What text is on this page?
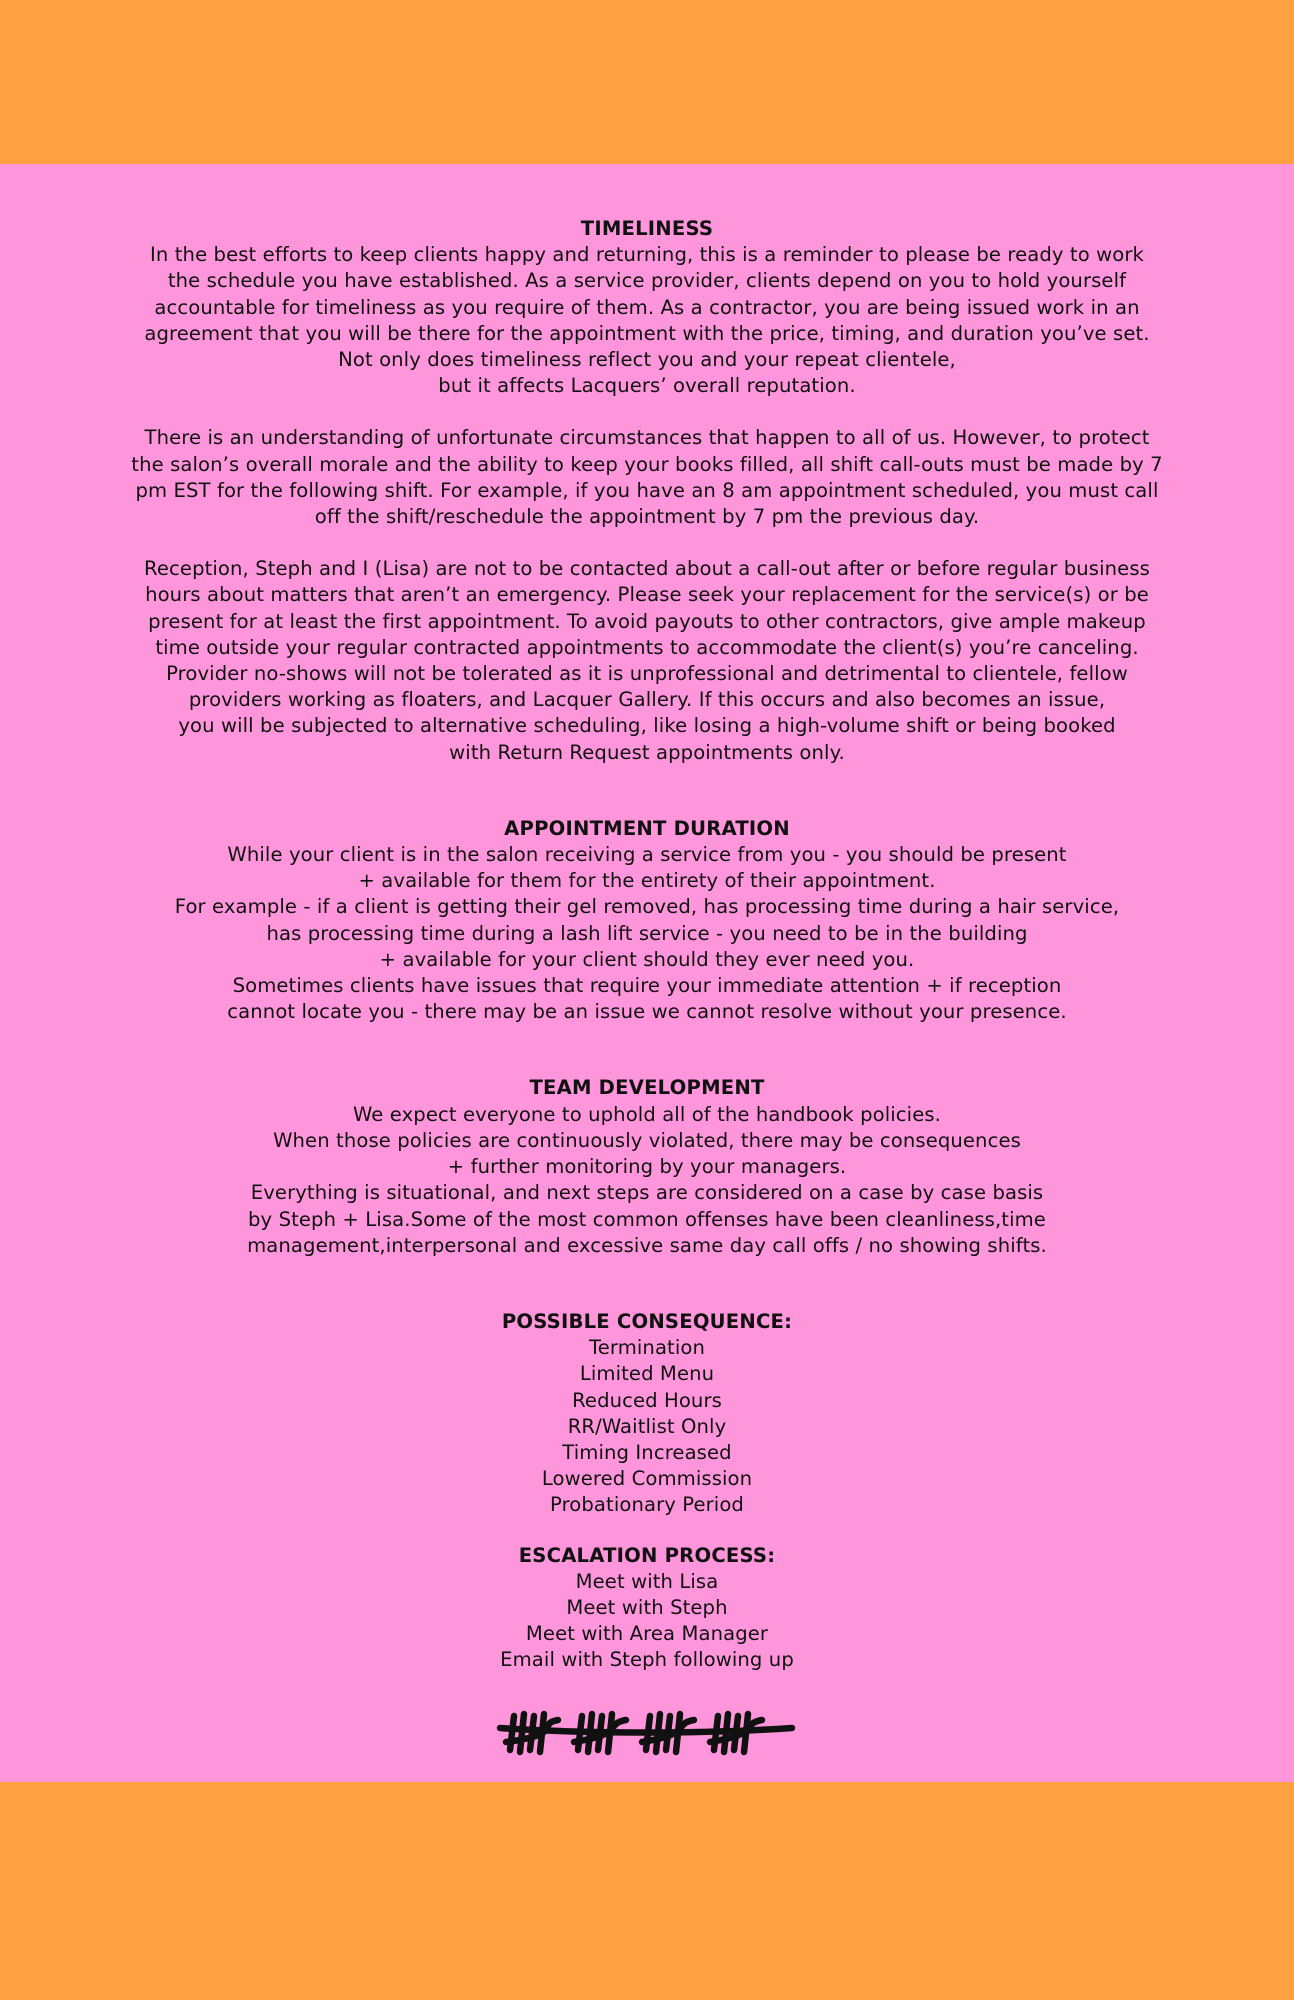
TIMELINESS
In the best efforts to keep clients happy and returning, this is a reminder to please be ready to work
the schedule you have established. As a service provider, clients depend on you to hold yourself
accountable for timeliness as you require of them. As a contractor, you are being issued work in an
agreement that you will be there for the appointment with the price, timing, and duration you’ve set.
Not only does timeliness reflect you and your repeat clientele,
but it affects Lacquers’ overall reputation.
There is an understanding of unfortunate circumstances that happen to all of us. However, to protect
the salon’s overall morale and the ability to keep your books filled, all shift call-outs must be made by 7
pm EST for the following shift. For example, if you have an 8 am appointment scheduled, you must call
off the shift/reschedule the appointment by 7 pm the previous day.
Reception, Steph and I (Lisa) are not to be contacted about a call-out after or before regular business
hours about matters that aren’t an emergency. Please seek your replacement for the service(s) or be
present for at least the first appointment. To avoid payouts to other contractors, give ample makeup
time outside your regular contracted appointments to accommodate the client(s) you’re canceling.
Provider no-shows will not be tolerated as it is unprofessional and detrimental to clientele, fellow
providers working as floaters, and Lacquer Gallery. If this occurs and also becomes an issue,
you will be subjected to alternative scheduling, like losing a high-volume shift or being booked
with Return Request appointments only.
APPOINTMENT DURATION
While your client is in the salon receiving a service from you - you should be present
+ available for them for the entirety of their appointment.
For example - if a client is getting their gel removed, has processing time during a hair service,
has processing time during a lash lift service - you need to be in the building
+ available for your client should they ever need you.
Sometimes clients have issues that require your immediate attention + if reception
cannot locate you - there may be an issue we cannot resolve without your presence.
TEAM DEVELOPMENT
We expect everyone to uphold all of the handbook policies.
When those policies are continuously violated, there may be consequences
+ further monitoring by your managers.
Everything is situational, and next steps are considered on a case by case basis
by Steph + Lisa.Some of the most common offenses have been cleanliness,time
management,interpersonal and excessive same day call offs / no showing shifts.
POSSIBLE CONSEQUENCE:
Termination
Limited Menu
Reduced Hours
RR/Waitlist Only
Timing Increased
Lowered Commission
Probationary Period
ESCALATION PROCESS:
Meet with Lisa
Meet with Steph
Meet with Area Manager
Email with Steph following up
